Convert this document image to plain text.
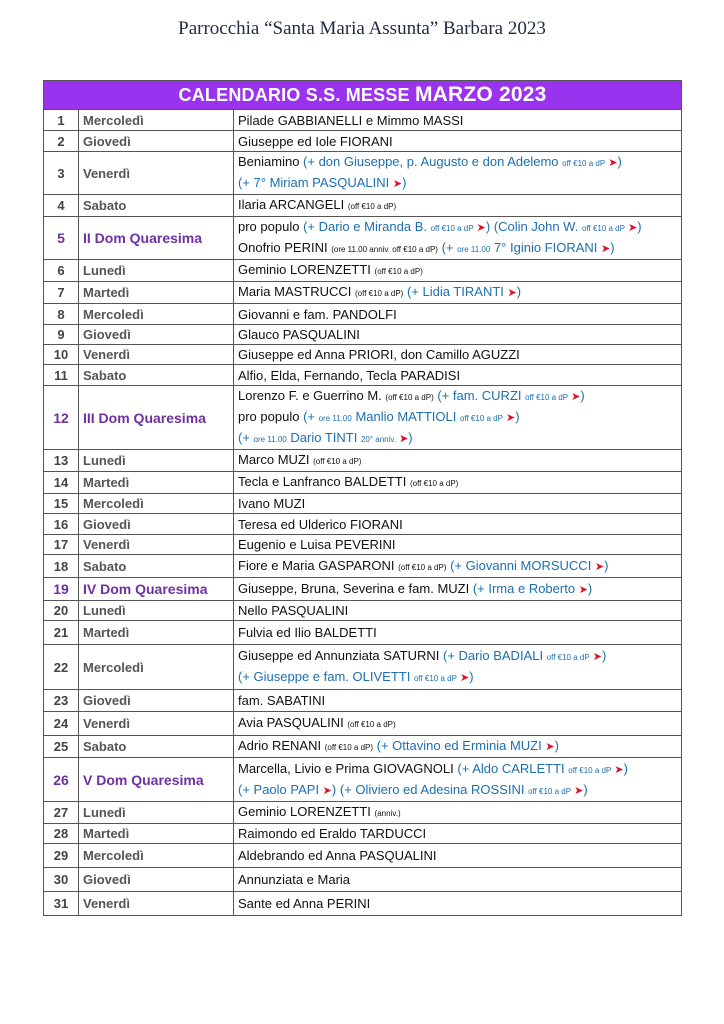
Parrocchia “Santa Maria Assunta” Barbara 2023
CALENDARIO S.S. MESSE MARZO 2023		
1	Mercoledì	Pilade GABBIANELLI e Mimmo MASSI

2	Giovedì	Giuseppe ed Iole FIORANI

3	Venerdì	Beniamino (+ don Giuseppe, p. Augusto e don Adelemo off €10 a dP ➤)
(+ 7° Miriam PASQUALINI ➤)

4	Sabato	Ilaria ARCANGELI (off €10 a dP)

5	II Dom Quaresima	pro populo (+ Dario e Miranda B. off €10 a dP ➤) (Colin John W. off €10 a dP ➤)
Onofrio PERINI (ore 11.00 anniv. off €10 a dP) (+ ore 11.00 7° Iginio FIORANI ➤)

6	Lunedì	Geminio LORENZETTI (off €10 a dP)

7	Martedì	Maria MASTRUCCI (off €10 a dP) (+ Lidia TIRANTI ➤)

8	Mercoledì	Giovanni e fam. PANDOLFI

9	Giovedì	Glauco PASQUALINI

10	Venerdì	Giuseppe ed Anna PRIORI, don Camillo AGUZZI

11	Sabato	Alfio, Elda, Fernando, Tecla PARADISI

12	III Dom Quaresima	Lorenzo F. e Guerrino M. (off €10 a dP) (+ fam. CURZI off €10 a dP ➤)
pro populo (+ ore 11.00 Manlio MATTIOLI off €10 a dP ➤)
(+ ore 11.00 Dario TINTI 20° anniv. ➤)

13	Lunedì	Marco MUZI (off €10 a dP)

14	Martedì	Tecla e Lanfranco BALDETTI (off €10 a dP)

15	Mercoledì	Ivano MUZI

16	Giovedì	Teresa ed Ulderico FIORANI

17	Venerdì	Eugenio e Luisa PEVERINI

18	Sabato	Fiore e Maria GASPARONI (off €10 a dP) (+ Giovanni MORSUCCI ➤)

19	IV Dom Quaresima	Giuseppe, Bruna, Severina e fam. MUZI (+ Irma e Roberto ➤)

20	Lunedì	Nello PASQUALINI

21	Martedì	Fulvia ed Ilio BALDETTI

22	Mercoledì	Giuseppe ed Annunziata SATURNI (+ Dario BADIALI off €10 a dP ➤)
(+ Giuseppe e fam. OLIVETTI off €10 a dP ➤)

23	Giovedì	fam. SABATINI

24	Venerdì	Avia PASQUALINI (off €10 a dP)

25	Sabato	Adrio RENANI (off €10 a dP) (+ Ottavino ed Erminia MUZI ➤)

26	V Dom Quaresima	Marcella, Livio e Prima GIOVAGNOLI (+ Aldo CARLETTI off €10 a dP ➤)
(+ Paolo PAPI ➤) (+ Oliviero ed Adesina ROSSINI off €10 a dP ➤)

27	Lunedì	Geminio LORENZETTI (anniv.)

28	Martedì	Raimondo ed Eraldo TARDUCCI

29	Mercoledì	Aldebrando ed Anna PASQUALINI

30	Giovedì	Annunziata e Maria

31	Venerdì	Sante ed Anna PERINI
